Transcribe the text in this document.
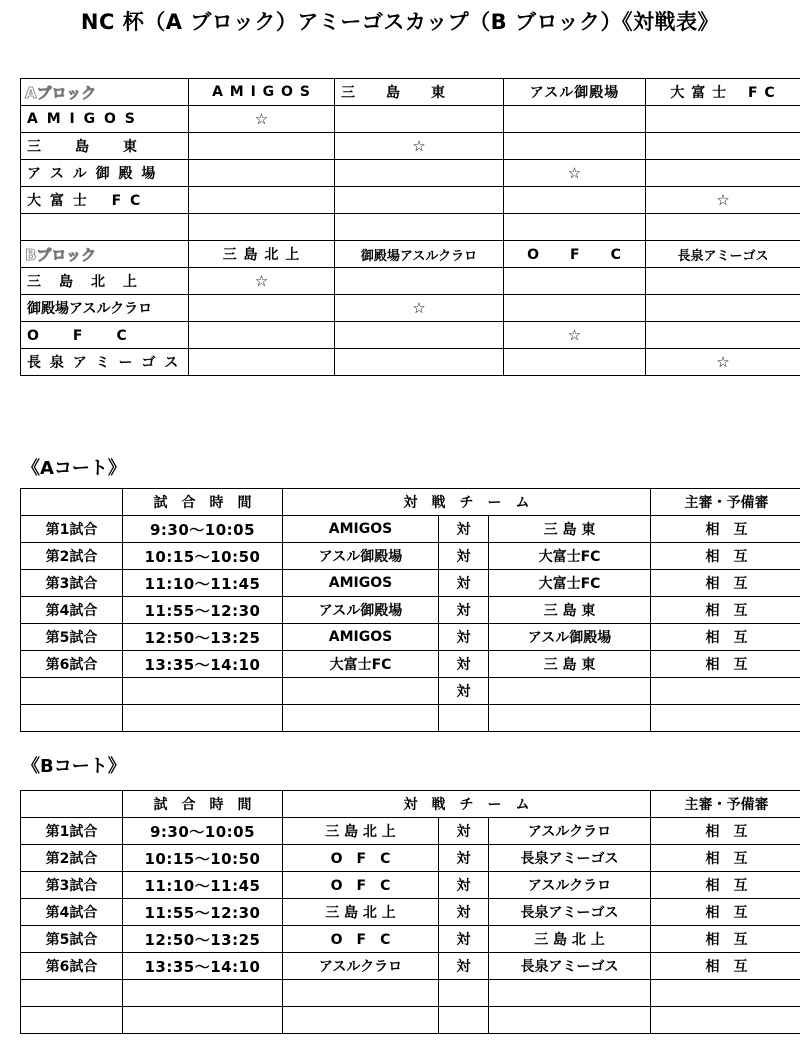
NC 杯（A ブロック）アミーゴスカップ（B ブロック）《対戦表》
Aブロック	A M I G O S	三　　島　　東	アスル御殿場	大 富 士 　F C
A M I G O S	☆			
三　　島　　東		☆		
ア ス ル 御 殿 場			☆	
大 富 士 　F C				☆

Bブロック	三 島 北 上	御殿場アスルクラロ	O　　F　　C	長泉アミーゴス
三　島　北　上	☆			
御殿場アスルクラロ		☆		
O　　F　　C			☆	
長 泉 ア ミ ー ゴ ス				☆
《Aコート》
	試　合　時　間	対　戦　チ　ー　ム			主審・予備審
第1試合	9:30～10:05	AMIGOS	対	三 島 東	相　互
第2試合	10:15～10:50	アスル御殿場	対	大富士FC	相　互
第3試合	11:10～11:45	AMIGOS	対	大富士FC	相　互
第4試合	11:55～12:30	アスル御殿場	対	三 島 東	相　互
第5試合	12:50～13:25	AMIGOS	対	アスル御殿場	相　互
第6試合	13:35～14:10	大富士FC	対	三 島 東	相　互
			対		

《Bコート》
	試　合　時　間	対　戦　チ　ー　ム			主審・予備審
第1試合	9:30～10:05	三 島 北 上	対	アスルクラロ	相　互
第2試合	10:15～10:50	O　F　C	対	長泉アミーゴス	相　互
第3試合	11:10～11:45	O　F　C	対	アスルクラロ	相　互
第4試合	11:55～12:30	三 島 北 上	対	長泉アミーゴス	相　互
第5試合	12:50～13:25	O　F　C	対	三 島 北 上	相　互
第6試合	13:35～14:10	アスルクラロ	対	長泉アミーゴス	相　互
